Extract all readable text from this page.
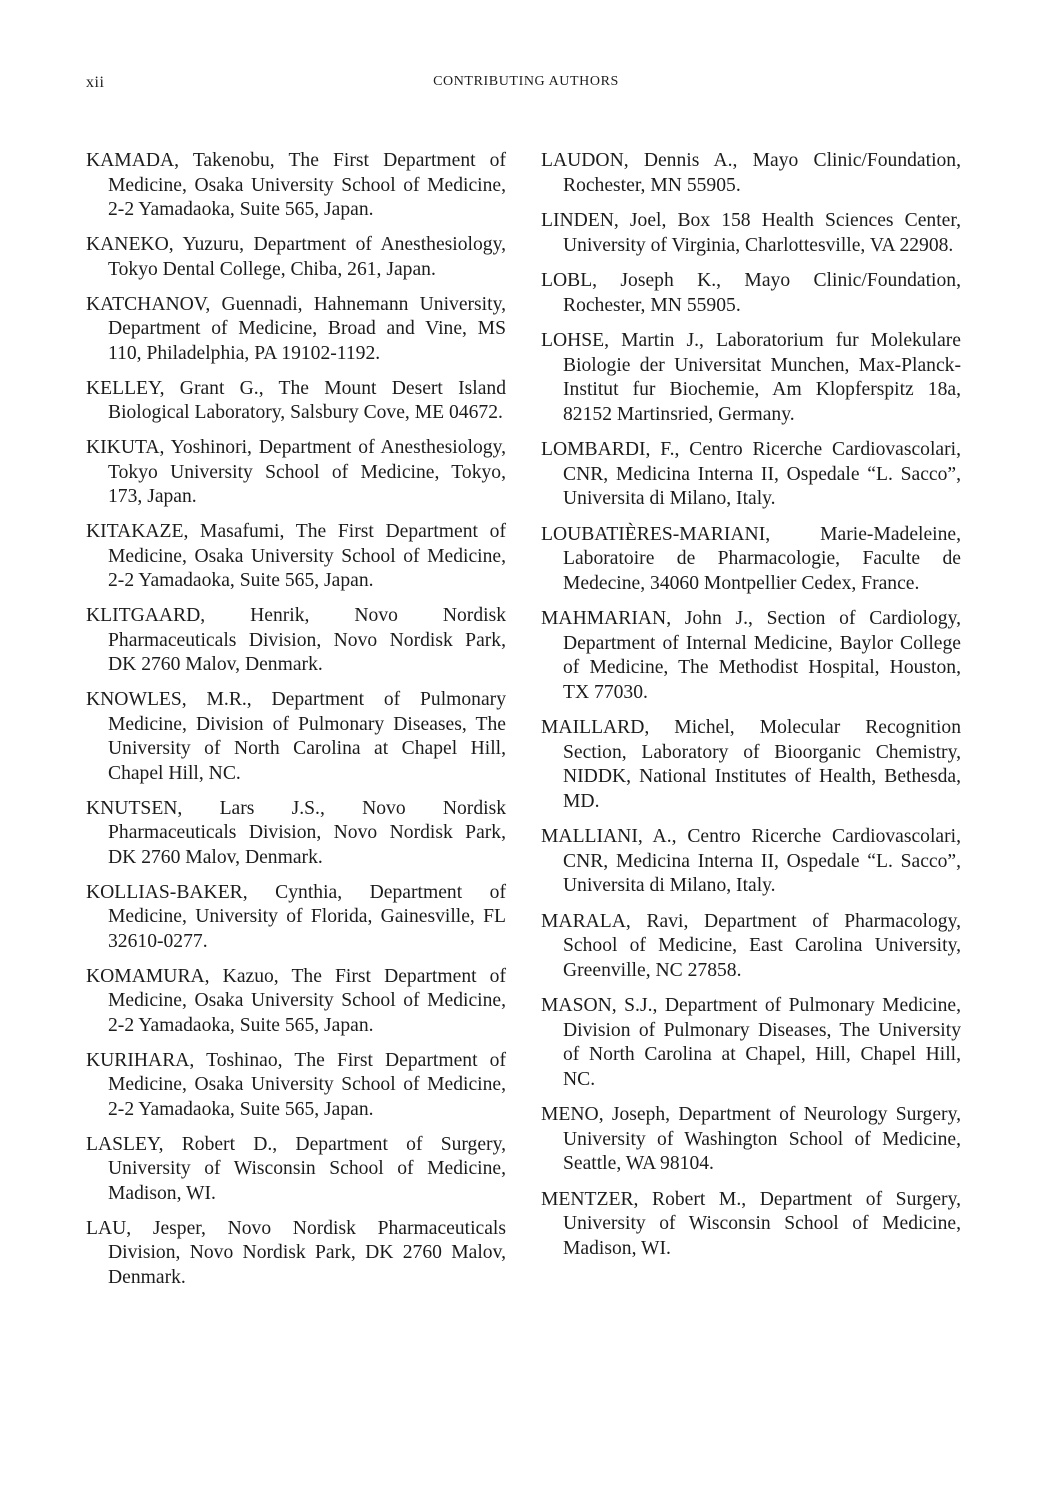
xii	CONTRIBUTING AUTHORS

KAMADA, Takenobu, The First Department of Medicine, Osaka University School of Medicine, 2-2 Yamadaoka, Suite 565, Japan.

KANEKO, Yuzuru, Department of Anesthesiology, Tokyo Dental College, Chiba, 261, Japan.

KATCHANOV, Guennadi, Hahnemann University, Department of Medicine, Broad and Vine, MS 110, Philadelphia, PA 19102-1192.

KELLEY, Grant G., The Mount Desert Island Biological Laboratory, Salsbury Cove, ME 04672.

KIKUTA, Yoshinori, Department of Anesthesiology, Tokyo University School of Medicine, Tokyo, 173, Japan.

KITAKAZE, Masafumi, The First Department of Medicine, Osaka University School of Medicine, 2-2 Yamadaoka, Suite 565, Japan.

KLITGAARD, Henrik, Novo Nordisk Pharmaceuticals Division, Novo Nordisk Park, DK 2760 Malov, Denmark.

KNOWLES, M.R., Department of Pulmonary Medicine, Division of Pulmonary Diseases, The University of North Carolina at Chapel Hill, Chapel Hill, NC.

KNUTSEN, Lars J.S., Novo Nordisk Pharmaceuticals Division, Novo Nordisk Park, DK 2760 Malov, Denmark.

KOLLIAS-BAKER, Cynthia, Department of Medicine, University of Florida, Gainesville, FL 32610-0277.

KOMAMURA, Kazuo, The First Department of Medicine, Osaka University School of Medicine, 2-2 Yamadaoka, Suite 565, Japan.

KURIHARA, Toshinao, The First Department of Medicine, Osaka University School of Medicine, 2-2 Yamadaoka, Suite 565, Japan.

LASLEY, Robert D., Department of Surgery, University of Wisconsin School of Medicine, Madison, WI.

LAU, Jesper, Novo Nordisk Pharmaceuticals Division, Novo Nordisk Park, DK 2760 Malov, Denmark.

LAUDON, Dennis A., Mayo Clinic/Foundation, Rochester, MN 55905.

LINDEN, Joel, Box 158 Health Sciences Center, University of Virginia, Charlottesville, VA 22908.

LOBL, Joseph K., Mayo Clinic/Foundation, Rochester, MN 55905.

LOHSE, Martin J., Laboratorium fur Molekulare Biologie der Universitat Munchen, Max-Planck-Institut fur Biochemie, Am Klopferspitz 18a, 82152 Martinsried, Germany.

LOMBARDI, F., Centro Ricerche Cardiovascolari, CNR, Medicina Interna II, Ospedale “L. Sacco”, Universita di Milano, Italy.

LOUBATIÈRES-MARIANI, Marie-Madeleine, Laboratoire de Pharmacologie, Faculte de Medecine, 34060 Montpellier Cedex, France.

MAHMARIAN, John J., Section of Cardiology, Department of Internal Medicine, Baylor College of Medicine, The Methodist Hospital, Houston, TX 77030.

MAILLARD, Michel, Molecular Recognition Section, Laboratory of Bioorganic Chemistry, NIDDK, National Institutes of Health, Bethesda, MD.

MALLIANI, A., Centro Ricerche Cardiovascolari, CNR, Medicina Interna II, Ospedale “L. Sacco”, Universita di Milano, Italy.

MARALA, Ravi, Department of Pharmacology, School of Medicine, East Carolina University, Greenville, NC 27858.

MASON, S.J., Department of Pulmonary Medicine, Division of Pulmonary Diseases, The University of North Carolina at Chapel, Hill, Chapel Hill, NC.

MENO, Joseph, Department of Neurology Surgery, University of Washington School of Medicine, Seattle, WA 98104.

MENTZER, Robert M., Department of Surgery, University of Wisconsin School of Medicine, Madison, WI.
